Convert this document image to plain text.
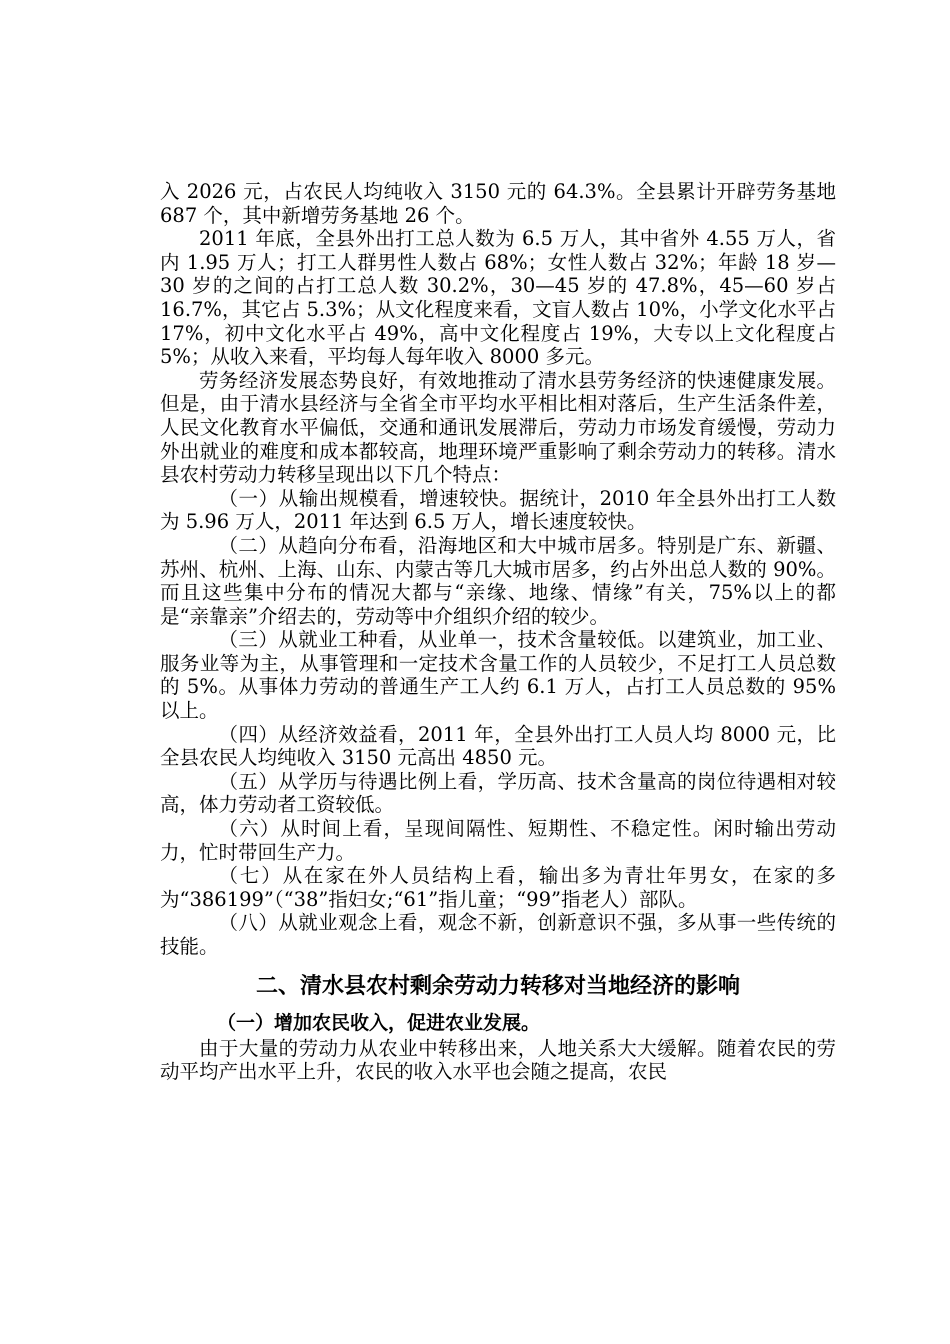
入 2026 元，占农民人均纯收入 3150 元的 64.3%。全县累计开辟劳务基地 687 个，其中新增劳务基地 26 个。

2011 年底，全县外出打工总人数为 6.5 万人，其中省外 4.55 万人，省内 1.95 万人；打工人群男性人数占 68%；女性人数占 32%；年龄 18 岁—30 岁的之间的占打工总人数 30.2%，30—45 岁的 47.8%，45—60 岁占 16.7%，其它占 5.3%；从文化程度来看，文盲人数占 10%，小学文化水平占 17%，初中文化水平占 49%，高中文化程度占 19%，大专以上文化程度占 5%；从收入来看，平均每人每年收入 8000 多元。

劳务经济发展态势良好，有效地推动了清水县劳务经济的快速健康发展。但是，由于清水县经济与全省全市平均水平相比相对落后，生产生活条件差，人民文化教育水平偏低，交通和通讯发展滞后，劳动力市场发育缓慢，劳动力外出就业的难度和成本都较高，地理环境严重影响了剩余劳动力的转移。清水县农村劳动力转移呈现出以下几个特点：

（一）从输出规模看，增速较快。据统计，2010 年全县外出打工人数为 5.96 万人，2011 年达到 6.5 万人，增长速度较快。

（二）从趋向分布看，沿海地区和大中城市居多。特别是广东、新疆、苏州、杭州、上海、山东、内蒙古等几大城市居多，约占外出总人数的 90%。而且这些集中分布的情况大都与“亲缘、地缘、情缘”有关，75%以上的都是“亲靠亲”介绍去的，劳动等中介组织介绍的较少。

（三）从就业工种看，从业单一，技术含量较低。以建筑业，加工业、服务业等为主，从事管理和一定技术含量工作的人员较少，不足打工人员总数的 5%。从事体力劳动的普通生产工人约 6.1 万人，占打工人员总数的 95%以上。

（四）从经济效益看，2011 年，全县外出打工人员人均 8000 元，比全县农民人均纯收入 3150 元高出 4850 元。

（五）从学历与待遇比例上看，学历高、技术含量高的岗位待遇相对较高，体力劳动者工资较低。

（六）从时间上看，呈现间隔性、短期性、不稳定性。闲时输出劳动力，忙时带回生产力。

（七）从在家在外人员结构上看，输出多为青壮年男女，在家的多为“386199”（“38”指妇女;“61”指儿童；“99”指老人）部队。

（八）从就业观念上看，观念不新，创新意识不强，多从事一些传统的技能。

二、清水县农村剩余劳动力转移对当地经济的影响

（一）增加农民收入，促进农业发展。

由于大量的劳动力从农业中转移出来，人地关系大大缓解。随着农民的劳动平均产出水平上升，农民的收入水平也会随之提高，农民
